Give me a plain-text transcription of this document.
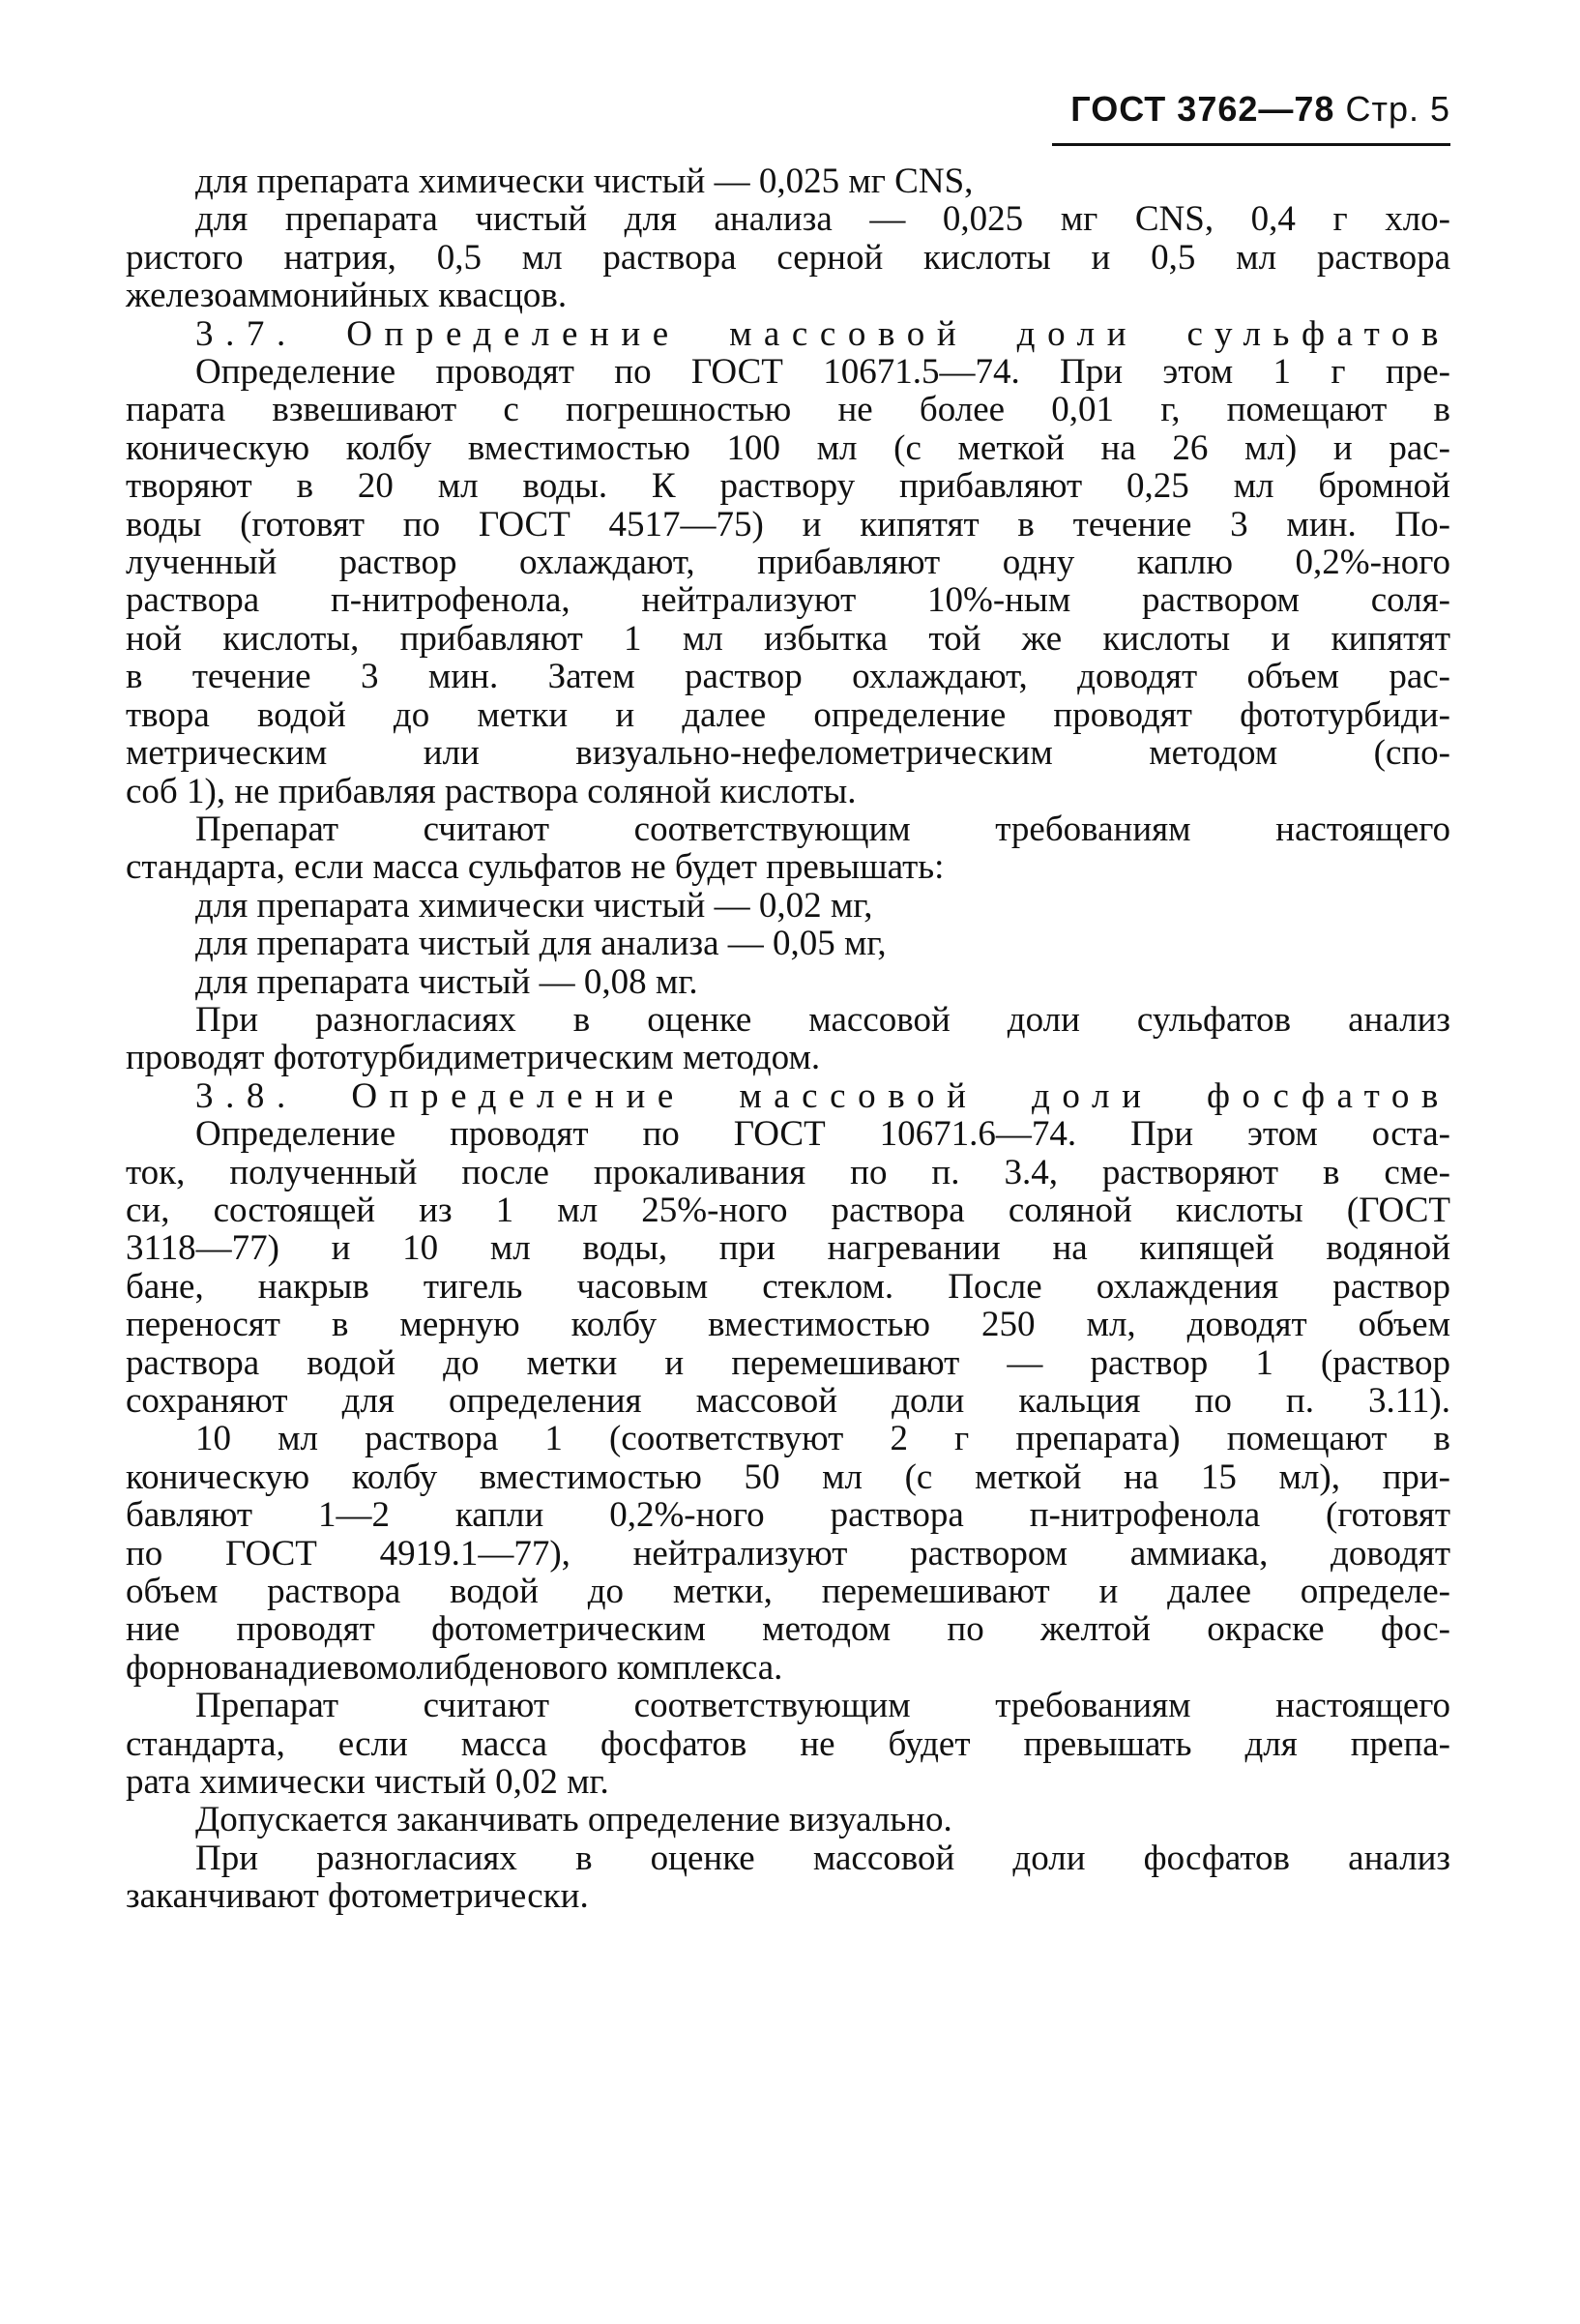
ГОСТ 3762—78 Стр. 5

для препарата химически чистый — 0,025 мг CNS,

для препарата чистый для анализа — 0,025 мг CNS, 0,4 г хло-

ристого натрия, 0,5 мл раствора серной кислоты и 0,5 мл раствора

железоаммонийных квасцов.

3.7. Определение массовой доли сульфатов

Определение проводят по ГОСТ 10671.5—74. При этом 1 г пре-

парата взвешивают с погрешностью не более 0,01 г, помещают в

коническую колбу вместимостью 100 мл (с меткой на 26 мл) и рас-

творяют в 20 мл воды. К раствору прибавляют 0,25 мл бромной

воды (готовят по ГОСТ 4517—75) и кипятят в течение 3 мин. По-

лученный раствор охлаждают, прибавляют одну каплю 0,2%-ного

раствора п-нитрофенола, нейтрализуют 10%-ным раствором соля-

ной кислоты, прибавляют 1 мл избытка той же кислоты и кипятят

в течение 3 мин. Затем раствор охлаждают, доводят объем рас-

твора водой до метки и далее определение проводят фототурбиди-

метрическим или визуально-нефелометрическим методом (спо-

соб 1), не прибавляя раствора соляной кислоты.

Препарат считают соответствующим требованиям настоящего

стандарта, если масса сульфатов не будет превышать:

для препарата химически чистый — 0,02 мг,

для препарата чистый для анализа — 0,05 мг,

для препарата чистый — 0,08 мг.

При разногласиях в оценке массовой доли сульфатов анализ

проводят фототурбидиметрическим методом.

3.8. Определение массовой доли фосфатов

Определение проводят по ГОСТ 10671.6—74. При этом оста-

ток, полученный после прокаливания по п. 3.4, растворяют в сме-

си, состоящей из 1 мл 25%-ного раствора соляной кислоты (ГОСТ

3118—77) и 10 мл воды, при нагревании на кипящей водяной

бане, накрыв тигель часовым стеклом. После охлаждения раствор

переносят в мерную колбу вместимостью 250 мл, доводят объем

раствора водой до метки и перемешивают — раствор 1 (раствор

сохраняют для определения массовой доли кальция по п. 3.11).

10 мл раствора 1 (соответствуют 2 г препарата) помещают в

коническую колбу вместимостью 50 мл (с меткой на 15 мл), при-

бавляют 1—2 капли 0,2%-ного раствора п-нитрофенола (готовят

по ГОСТ 4919.1—77), нейтрализуют раствором аммиака, доводят

объем раствора водой до метки, перемешивают и далее определе-

ние проводят фотометрическим методом по желтой окраске фос-

форнованадиевомолибденового комплекса.

Препарат считают соответствующим требованиям настоящего

стандарта, если масса фосфатов не будет превышать для препа-

рата химически чистый 0,02 мг.

Допускается заканчивать определение визуально.

При разногласиях в оценке массовой доли фосфатов анализ

заканчивают фотометрически.
